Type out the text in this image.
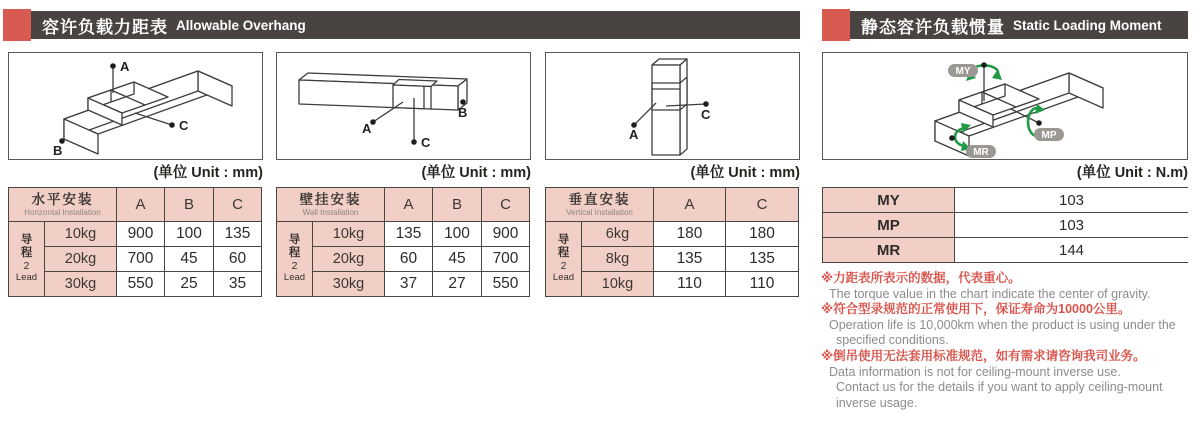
容许负载力距表 Allowable Overhang	静态容许负载惯量 Static Loading Moment
A
C
B
A
C
B
A
C
MY
MP
MR
(单位 Unit : mm)	(单位 Unit : mm)	(单位 Unit : mm)	(单位 Unit : N.m)
水平安装
Horizontal Installation		A	B	C

导
程
2
Lead	10kg	900	100	135
	20kg	700	45	60
	30kg	550	25	35
壁挂安装
Wall Installation		A	B	C

导
程
2
Lead	10kg	135	100	900
	20kg	60	45	700
	30kg	37	27	550
垂直安装
Vertical Installation		A	C

导
程
2
Lead	6kg	180	180
	8kg	135	135
	10kg	110	110
MY	103
MP	103
MR	144
※力距表所表示的数据，代表重心。
The torque value in the chart indicate the center of gravity.
※符合型录规范的正常使用下，保证寿命为10000公里。
Operation life is 10,000km when the product is using under the
specified conditions.
※倒吊使用无法套用标准规范，如有需求请咨询我司业务。
Data information is not for ceiling-mount inverse use.
Contact us for the details if you want to apply ceiling-mount
inverse usage.
